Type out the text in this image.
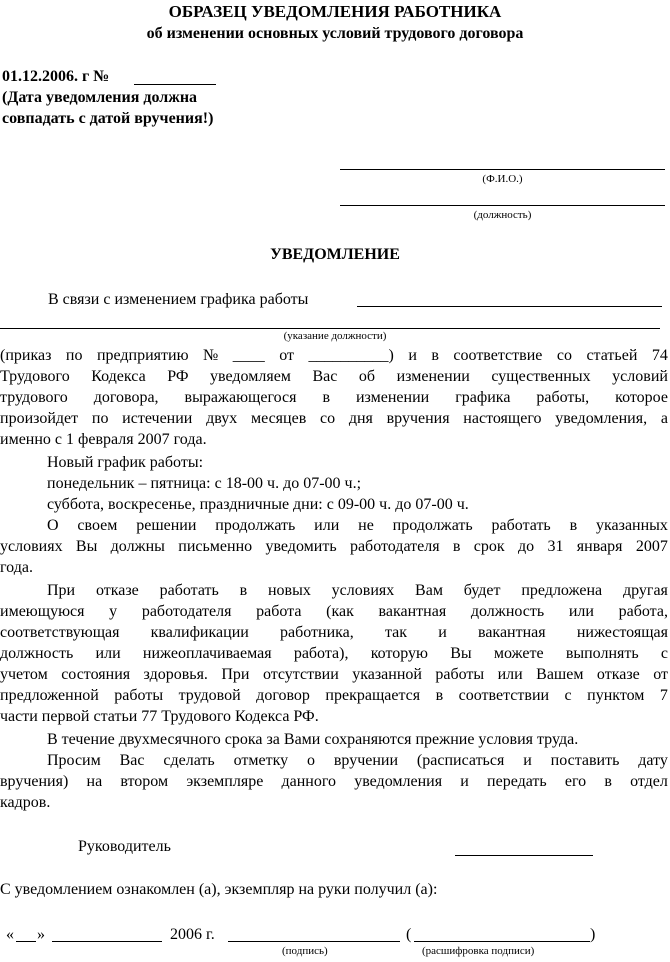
ОБРАЗЕЦ УВЕДОМЛЕНИЯ РАБОТНИКА
об изменении основных условий трудового договора
01.12.2006. г №
(Дата уведомления должна
совпадать с датой вручения!)
(Ф.И.О.)
(должность)
УВЕДОМЛЕНИЕ
В связи с изменением графика работы
(указание должности)
(приказ по предприятию № ____ от __________) и в соответствие со статьей 74
Трудового Кодекса РФ уведомляем Вас об изменении существенных условий
трудового договора, выражающегося в изменении графика работы, которое
произойдет по истечении двух месяцев со дня вручения настоящего уведомления, а
именно с 1 февраля 2007 года.
Новый график работы:
понедельник – пятница: с 18-00 ч. до 07-00 ч.;
суббота, воскресенье, праздничные дни: с 09-00 ч. до 07-00 ч.
О своем решении продолжать или не продолжать работать в указанных
условиях Вы должны письменно уведомить работодателя в срок до 31 января 2007
года.
При отказе работать в новых условиях Вам будет предложена другая
имеющуюся у работодателя работа (как вакантная должность или работа,
соответствующая квалификации работника, так и вакантная нижестоящая
должность или нижеоплачиваемая работа), которую Вы можете выполнять с
учетом состояния здоровья. При отсутствии указанной работы или Вашем отказе от
предложенной работы трудовой договор прекращается в соответствии с пунктом 7
части первой статьи 77 Трудового Кодекса РФ.
В течение двухмесячного срока за Вами сохраняются прежние условия труда.
Просим Вас сделать отметку о вручении (расписаться и поставить дату
вручения) на втором экземпляре данного уведомления и передать его в отдел
кадров.
Руководитель
С уведомлением ознакомлен (а), экземпляр на руки получил (а):
« »	2006 г.	(	)
(подпись)	(расшифровка подписи)
